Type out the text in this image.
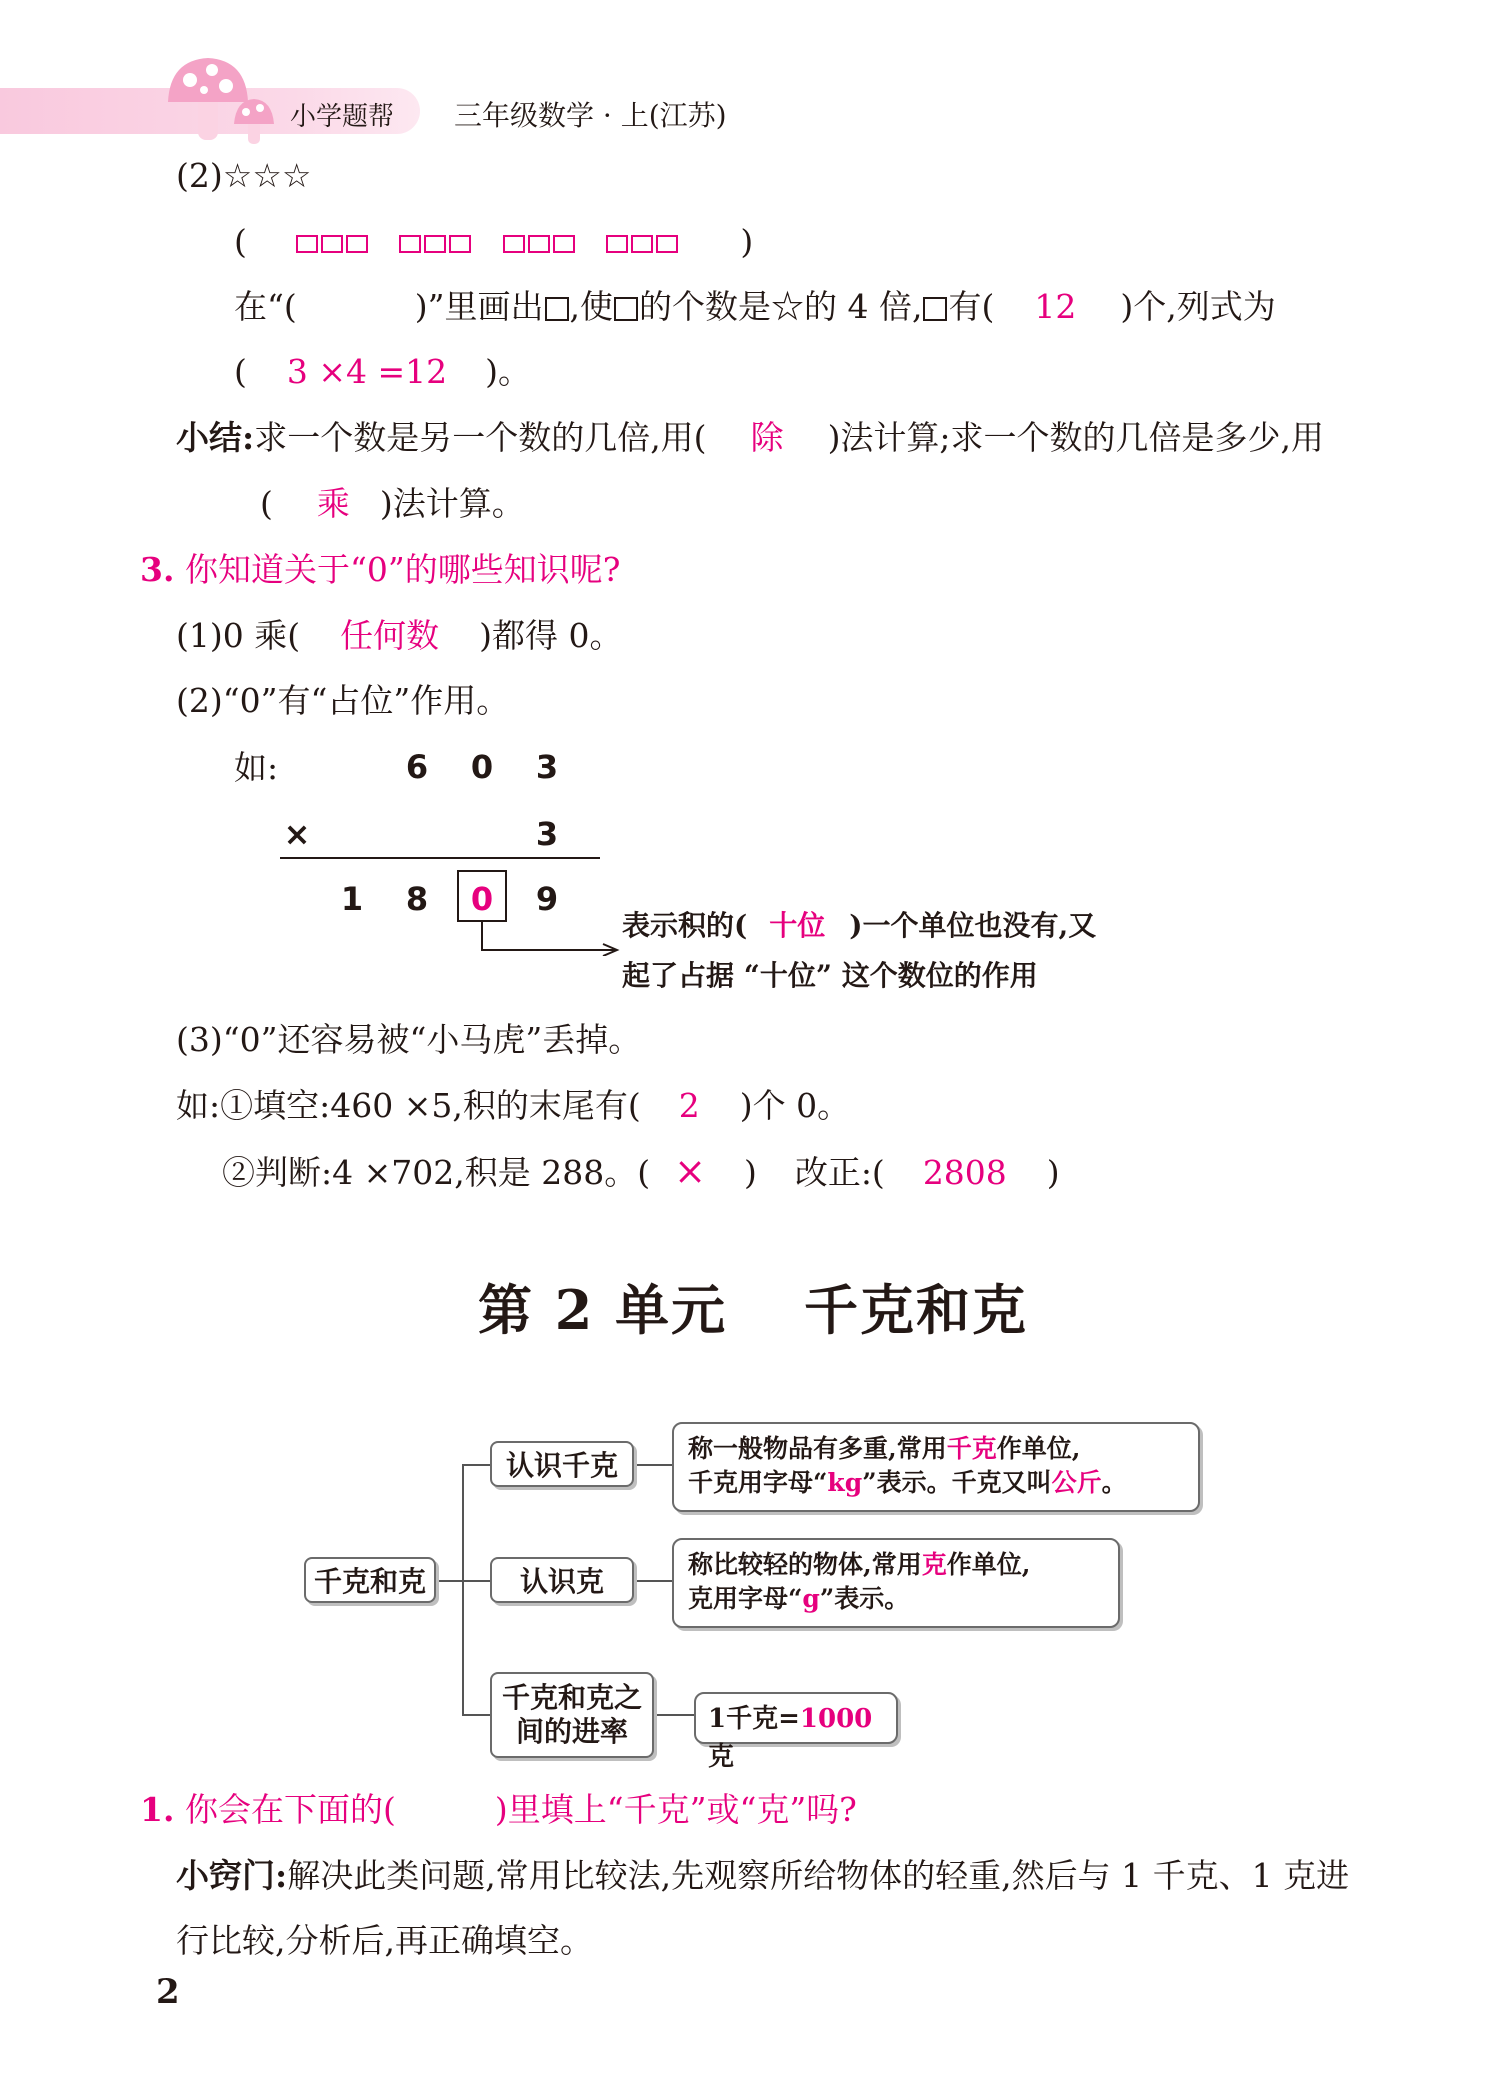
小学题帮 三年级数学 · 上(江苏)
(2)☆☆☆
(	)
在“(	)”里画出 ,使 的个数是☆的 4 倍, 有( 12 )个,列式为
( 3 ×4 =12 )。
小结:求一个数是另一个数的几倍,用( 除 )法计算;求一个数的几倍是多少,用
( 乘 )法计算。
3. 你知道关于“0”的哪些知识呢?
(1)0 乘( 任何数 )都得 0。
(2)“0”有“占位”作用。
如:	6 0 3
×	3
1 8 0 9
表示积的( 十位 )一个单位也没有,又
起了占据 “十位” 这个数位的作用
(3)“0”还容易被“小马虎”丢掉。
如:①填空:460 ×5,积的末尾有( 2 )个 0。
②判断:4 ×702,积是 288。( × ) 改正:( 2808 )
第 2 单元　 千克和克
千克和克
认识千克
认识克
千克和克之
间的进率
称一般物品有多重,常用千克作单位,
千克用字母“kg”表示。千克又叫公斤。
称比较轻的物体,常用克作单位,
克用字母“g”表示。
1千克=1000克
1. 你会在下面的(　　　)里填上“千克”或“克”吗?
小窍门:解决此类问题,常用比较法,先观察所给物体的轻重,然后与 1 千克、1 克进
行比较,分析后,再正确填空。
2
